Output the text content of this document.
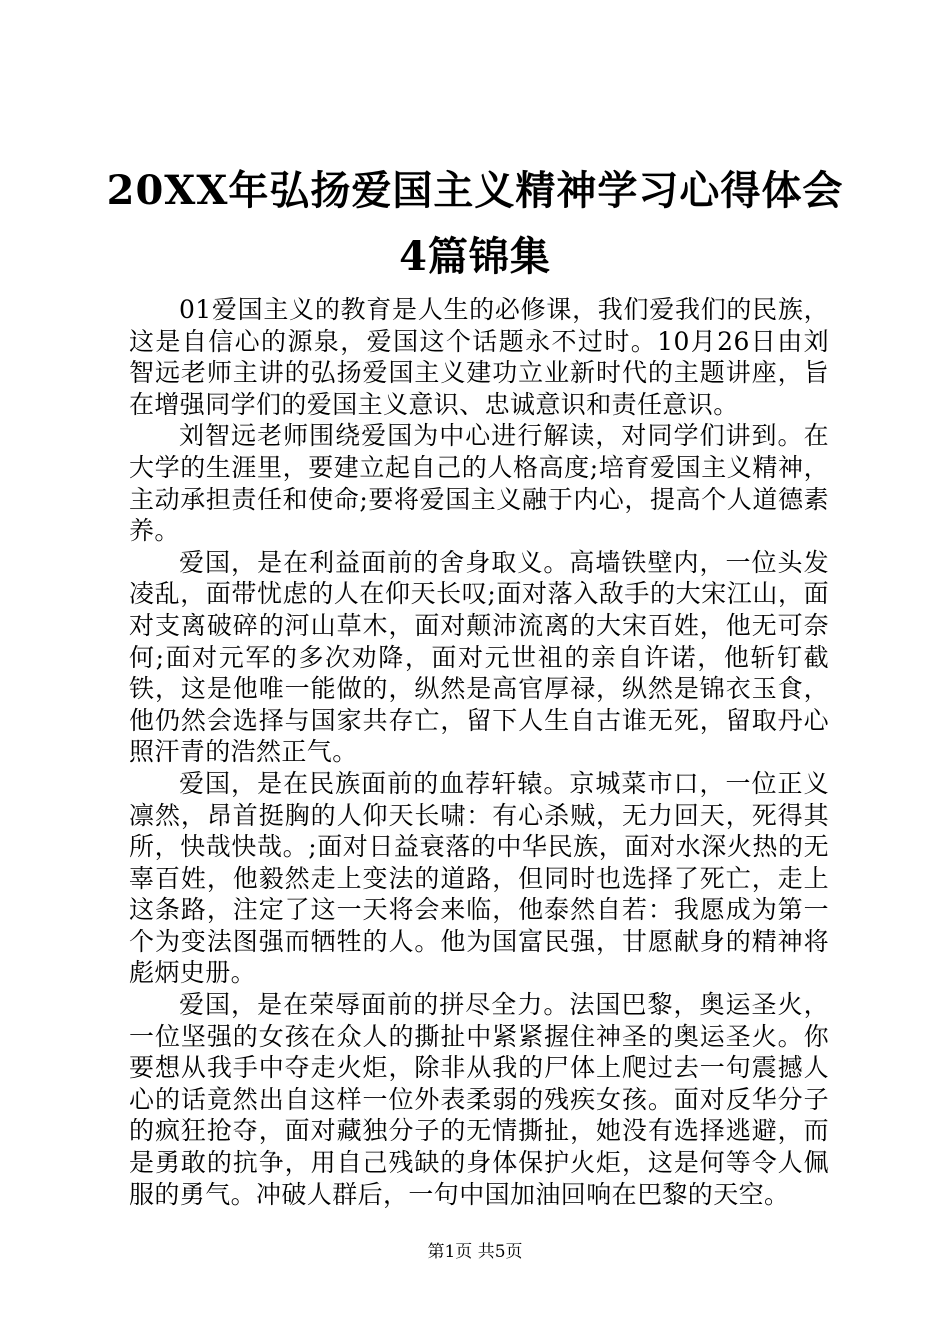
20XX年弘扬爱国主义精神学习心得体会4篇锦集

01爱国主义的教育是人生的必修课，我们爱我们的民族，这是自信心的源泉，爱国这个话题永不过时。10月26日由刘智远老师主讲的弘扬爱国主义建功立业新时代的主题讲座，旨在增强同学们的爱国主义意识、忠诚意识和责任意识。

刘智远老师围绕爱国为中心进行解读，对同学们讲到。在大学的生涯里，要建立起自己的人格高度;培育爱国主义精神，主动承担责任和使命;要将爱国主义融于内心，提高个人道德素养。

爱国，是在利益面前的舍身取义。高墙铁壁内，一位头发凌乱，面带忧虑的人在仰天长叹;面对落入敌手的大宋江山，面对支离破碎的河山草木，面对颠沛流离的大宋百姓，他无可奈何;面对元军的多次劝降，面对元世祖的亲自许诺，他斩钉截铁，这是他唯一能做的，纵然是高官厚禄，纵然是锦衣玉食，他仍然会选择与国家共存亡，留下人生自古谁无死，留取丹心照汗青的浩然正气。

爱国，是在民族面前的血荐轩辕。京城菜市口，一位正义凛然，昂首挺胸的人仰天长啸：有心杀贼，无力回天，死得其所，快哉快哉。;面对日益衰落的中华民族，面对水深火热的无辜百姓，他毅然走上变法的道路，但同时也选择了死亡，走上这条路，注定了这一天将会来临，他泰然自若：我愿成为第一个为变法图强而牺牲的人。他为国富民强，甘愿献身的精神将彪炳史册。

爱国，是在荣辱面前的拼尽全力。法国巴黎，奥运圣火，一位坚强的女孩在众人的撕扯中紧紧握住神圣的奥运圣火。你要想从我手中夺走火炬，除非从我的尸体上爬过去一句震撼人心的话竟然出自这样一位外表柔弱的残疾女孩。面对反华分子的疯狂抢夺，面对藏独分子的无情撕扯，她没有选择逃避，而是勇敢的抗争，用自己残缺的身体保护火炬，这是何等令人佩服的勇气。冲破人群后，一句中国加油回响在巴黎的天空。

第1页 共5页
